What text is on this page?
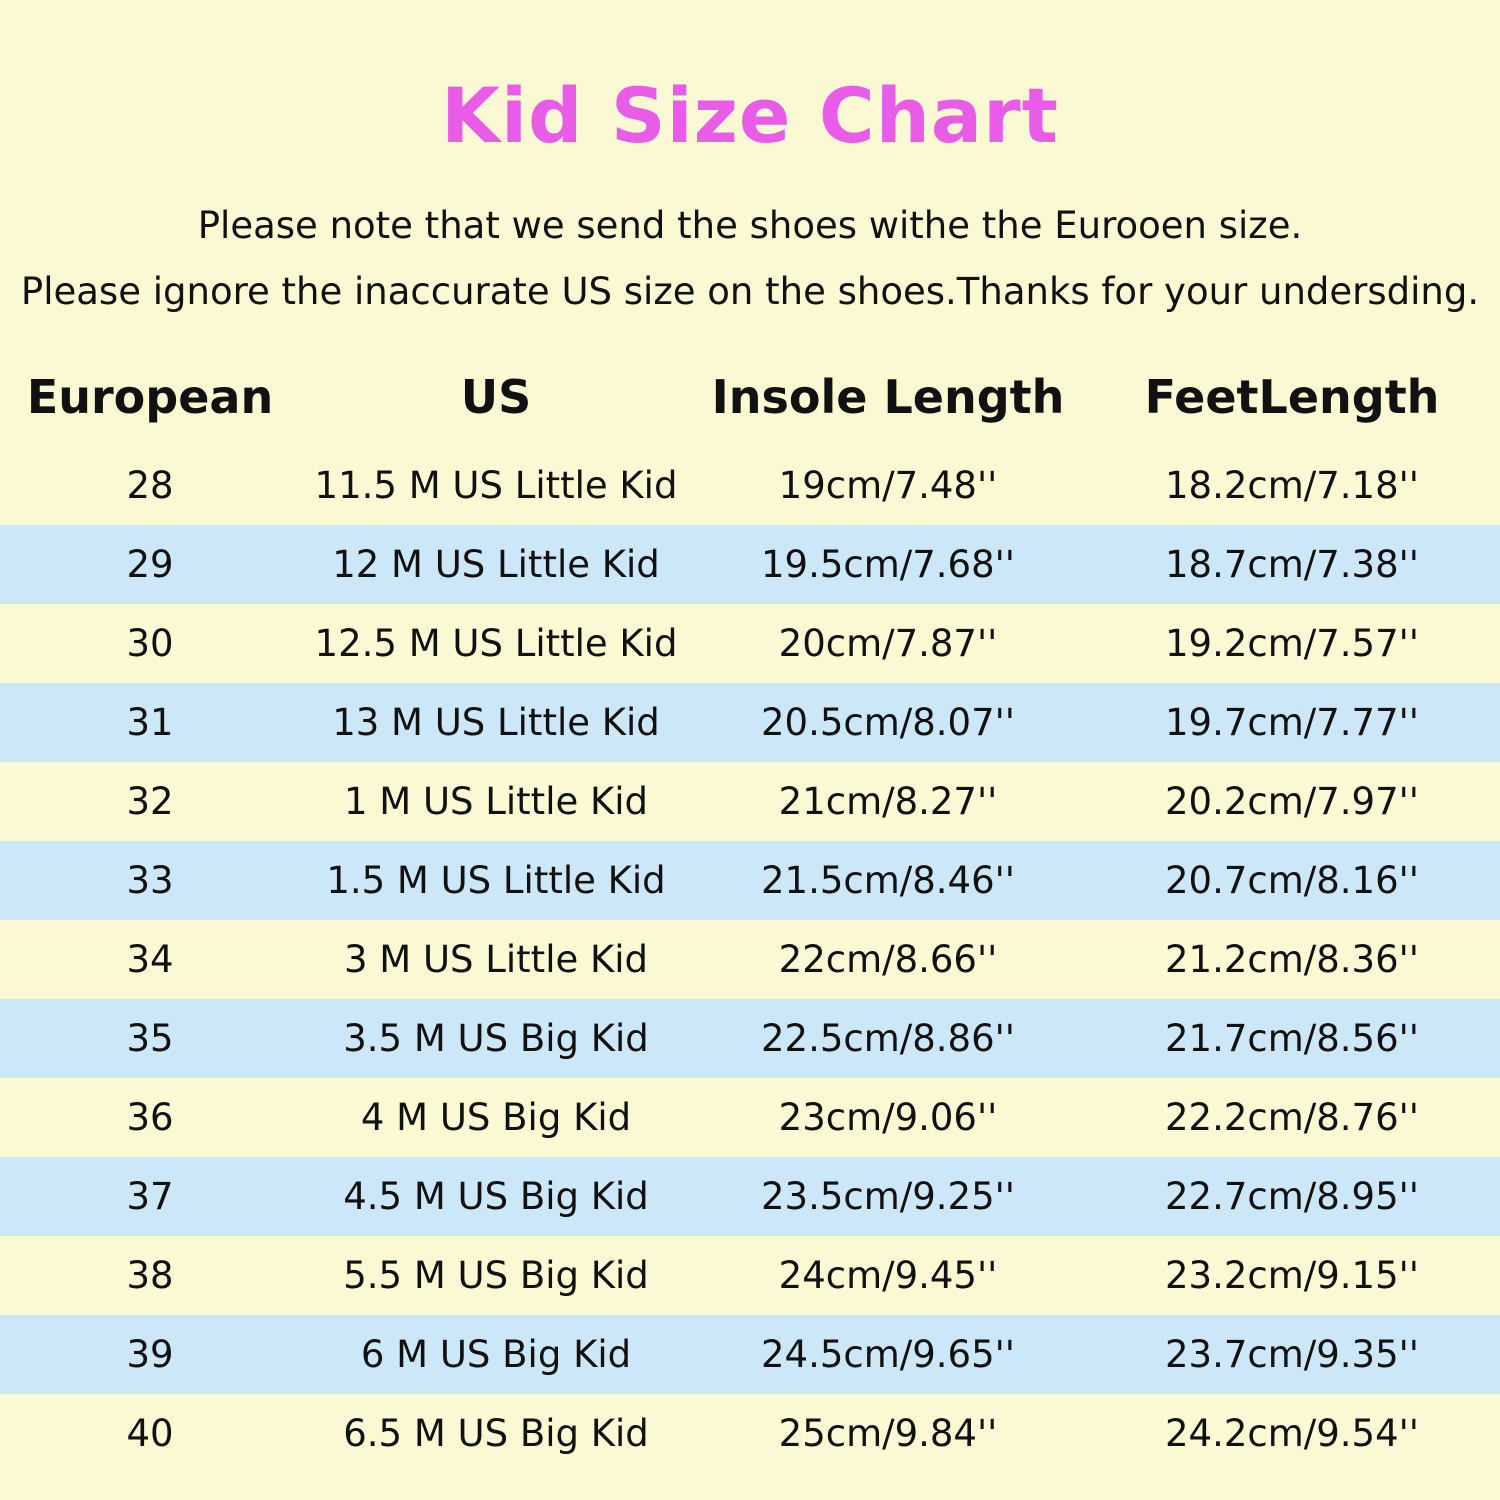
Kid Size Chart
Please note that we send the shoes withe the Eurooen size.
Please ignore the inaccurate US size on the shoes.Thanks for your undersding.
European	US	Insole Length	FeetLength
28	11.5 M US Little Kid	19cm/7.48''	18.2cm/7.18''
29	12 M US Little Kid	19.5cm/7.68''	18.7cm/7.38''
30	12.5 M US Little Kid	20cm/7.87''	19.2cm/7.57''
31	13 M US Little Kid	20.5cm/8.07''	19.7cm/7.77''
32	1 M US Little Kid	21cm/8.27''	20.2cm/7.97''
33	1.5 M US Little Kid	21.5cm/8.46''	20.7cm/8.16''
34	3 M US Little Kid	22cm/8.66''	21.2cm/8.36''
35	3.5 M US Big Kid	22.5cm/8.86''	21.7cm/8.56''
36	4 M US Big Kid	23cm/9.06''	22.2cm/8.76''
37	4.5 M US Big Kid	23.5cm/9.25''	22.7cm/8.95''
38	5.5 M US Big Kid	24cm/9.45''	23.2cm/9.15''
39	6 M US Big Kid	24.5cm/9.65''	23.7cm/9.35''
40	6.5 M US Big Kid	25cm/9.84''	24.2cm/9.54''
